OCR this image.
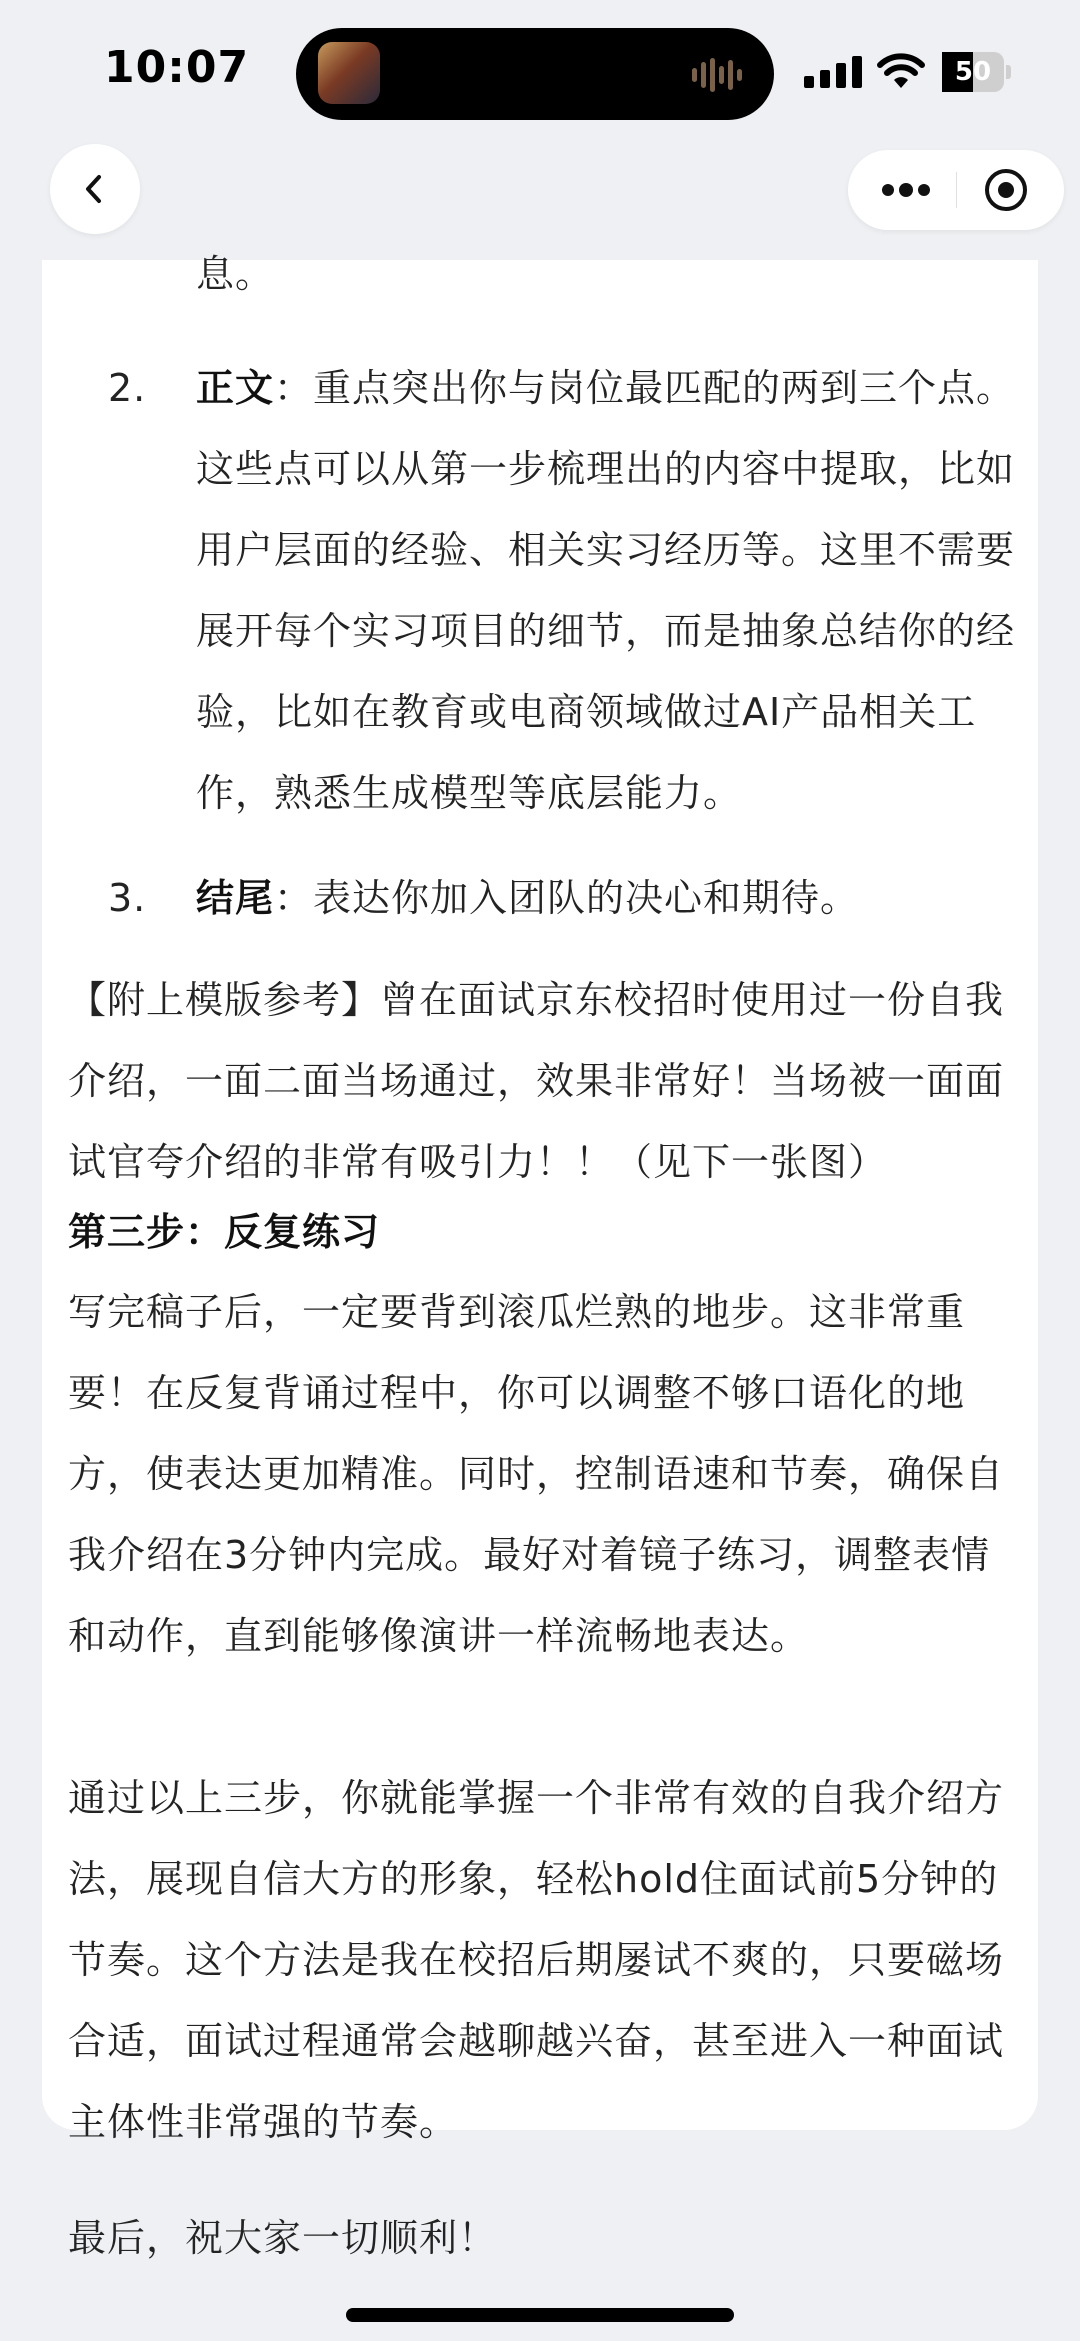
10:07	50
息。
2. 正文：重点突出你与岗位最匹配的两到三个点。这些点可以从第一步梳理出的内容中提取，比如用户层面的经验、相关实习经历等。这里不需要展开每个实习项目的细节，而是抽象总结你的经验，比如在教育或电商领域做过AI产品相关工作，熟悉生成模型等底层能力。
3. 结尾：表达你加入团队的决心和期待。
【附上模版参考】曾在面试京东校招时使用过一份自我介绍，一面二面当场通过，效果非常好！当场被一面面试官夸介绍的非常有吸引力！！（见下一张图）
第三步：反复练习
写完稿子后，一定要背到滚瓜烂熟的地步。这非常重要！在反复背诵过程中，你可以调整不够口语化的地方，使表达更加精准。同时，控制语速和节奏，确保自我介绍在3分钟内完成。最好对着镜子练习，调整表情和动作，直到能够像演讲一样流畅地表达。
通过以上三步，你就能掌握一个非常有效的自我介绍方法，展现自信大方的形象，轻松hold住面试前5分钟的节奏。这个方法是我在校招后期屡试不爽的，只要磁场合适，面试过程通常会越聊越兴奋，甚至进入一种面试主体性非常强的节奏。
最后，祝大家一切顺利！
